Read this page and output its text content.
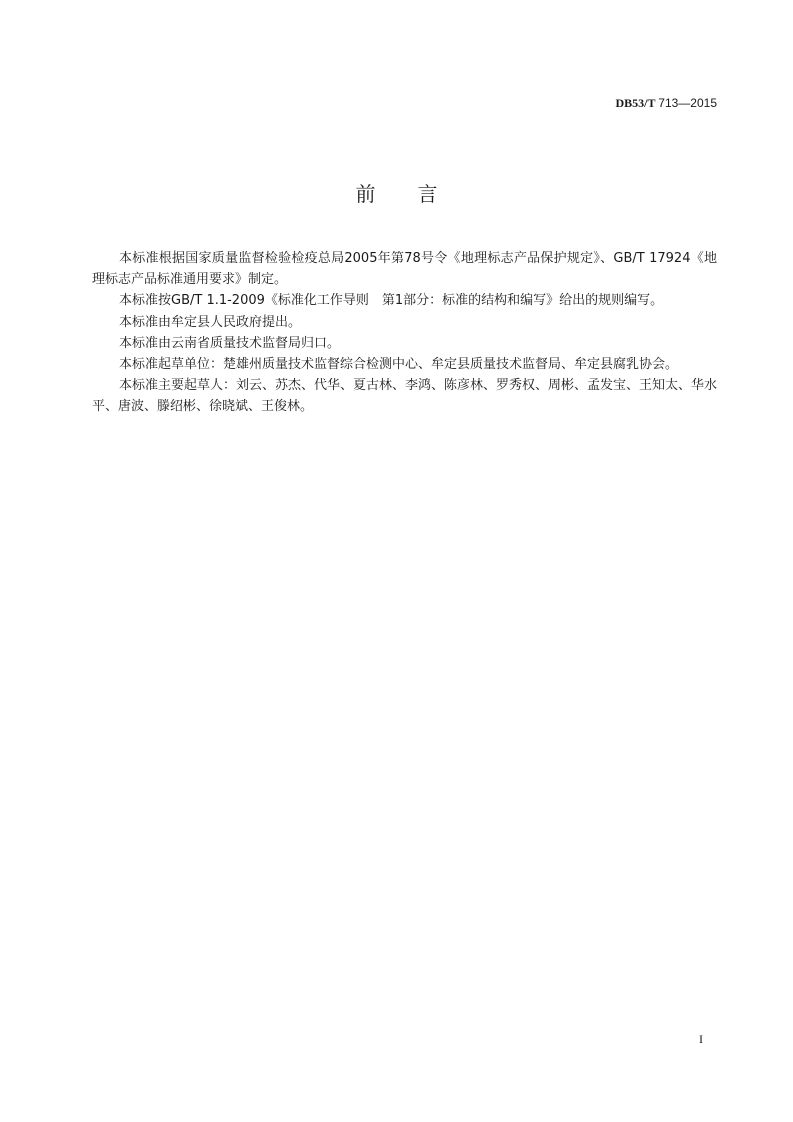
DB53/T 713—2015
前 言

本标准根据国家质量监督检验检疫总局2005年第78号令《地理标志产品保护规定》、GB/T 17924《地理标志产品标准通用要求》制定。

本标准按GB/T 1.1-2009《标准化工作导则　第1部分：标准的结构和编写》给出的规则编写。

本标准由牟定县人民政府提出。

本标准由云南省质量技术监督局归口。

本标准起草单位：楚雄州质量技术监督综合检测中心、牟定县质量技术监督局、牟定县腐乳协会。

本标准主要起草人：刘云、苏杰、代华、夏古林、李鸿、陈彦林、罗秀权、周彬、孟发宝、王知太、华水平、唐波、滕绍彬、徐晓斌、王俊林。

I
